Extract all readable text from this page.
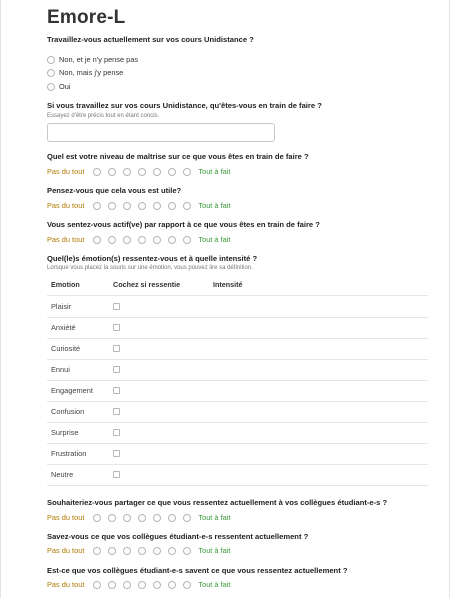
Emore-L
Travaillez-vous actuellement sur vos cours Unidistance ?
Non, et je n'y pense pas
Non, mais j'y pense
Oui
Si vous travaillez sur vos cours Unidistance, qu'êtes-vous en train de faire ?
Essayez d'être précis tout en étant concis.
Quel est votre niveau de maîtrise sur ce que vous êtes en train de faire ?
Pas du tout	Tout à fait
Pensez-vous que cela vous est utile?
Pas du tout	Tout à fait
Vous sentez-vous actif(ve) par rapport à ce que vous êtes en train de faire ?
Pas du tout	Tout à fait
Quel(le)s émotion(s) ressentez-vous et à quelle intensité ?
Lorsque vous placez la souris sur une émotion, vous pouvez lire sa définition.
Emotion	Cochez si ressentie	Intensité
Plaisir
Anxiété
Curiosité
Ennui
Engagement
Confusion
Surprise
Frustration
Neutre
Souhaiteriez-vous partager ce que vous ressentez actuellement à vos collègues étudiant-e-s ?
Pas du tout	Tout à fait
Savez-vous ce que vos collègues étudiant-e-s ressentent actuellement ?
Pas du tout	Tout à fait
Est-ce que vos collègues étudiant-e-s savent ce que vous ressentez actuellement ?
Pas du tout	Tout à fait
